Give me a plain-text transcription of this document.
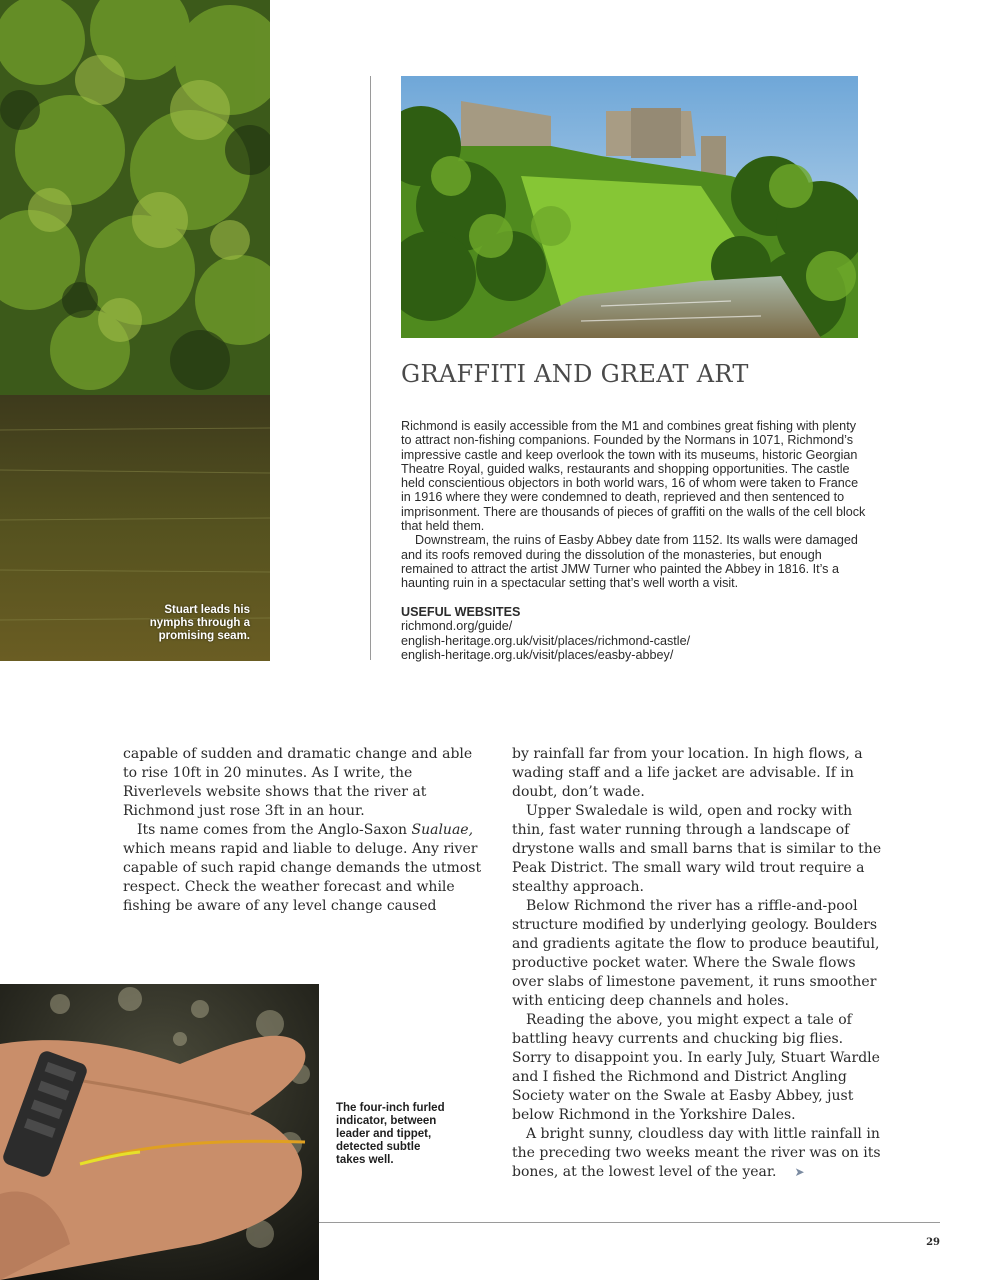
Stuart leads his nymphs through a promising seam.
GRAFFITI AND GREAT ART

Richmond is easily accessible from the M1 and combines great fishing with plenty to attract non-fishing companions. Founded by the Normans in 1071, Richmond’s impressive castle and keep overlook the town with its museums, historic Georgian Theatre Royal, guided walks, restaurants and shopping opportunities. The castle held conscientious objectors in both world wars, 16 of whom were taken to France in 1916 where they were condemned to death, reprieved and then sentenced to imprisonment. There are thousands of pieces of graffiti on the walls of the cell block that held them.

Downstream, the ruins of Easby Abbey date from 1152. Its walls were damaged and its roofs removed during the dissolution of the monasteries, but enough remained to attract the artist JMW Turner who painted the Abbey in 1816. It’s a haunting ruin in a spectacular setting that’s well worth a visit.

USEFUL WEBSITES
richmond.org/guide/
english-heritage.org.uk/visit/places/richmond-castle/
english-heritage.org.uk/visit/places/easby-abbey/

capable of sudden and dramatic change and able to rise 10ft in 20 minutes. As I write, the Riverlevels website shows that the river at Richmond just rose 3ft in an hour.

Its name comes from the Anglo-Saxon Sualuae, which means rapid and liable to deluge. Any river capable of such rapid change demands the utmost respect. Check the weather forecast and while fishing be aware of any level change caused

by rainfall far from your location. In high flows, a wading staff and a life jacket are advisable. If in doubt, don’t wade.

Upper Swaledale is wild, open and rocky with thin, fast water running through a landscape of drystone walls and small barns that is similar to the Peak District. The small wary wild trout require a stealthy approach.

Below Richmond the river has a riffle-and-pool structure modified by underlying geology. Boulders and gradients agitate the flow to produce beautiful, productive pocket water. Where the Swale flows over slabs of limestone pavement, it runs smoother with enticing deep channels and holes.

Reading the above, you might expect a tale of battling heavy currents and chucking big flies. Sorry to disappoint you. In early July, Stuart Wardle and I fished the Richmond and District Angling Society water on the Swale at Easby Abbey, just below Richmond in the Yorkshire Dales.

A bright sunny, cloudless day with little rainfall in the preceding two weeks meant the river was on its bones, at the lowest level of the year. ➤

The four-inch furled indicator, between leader and tippet, detected subtle takes well.
29
